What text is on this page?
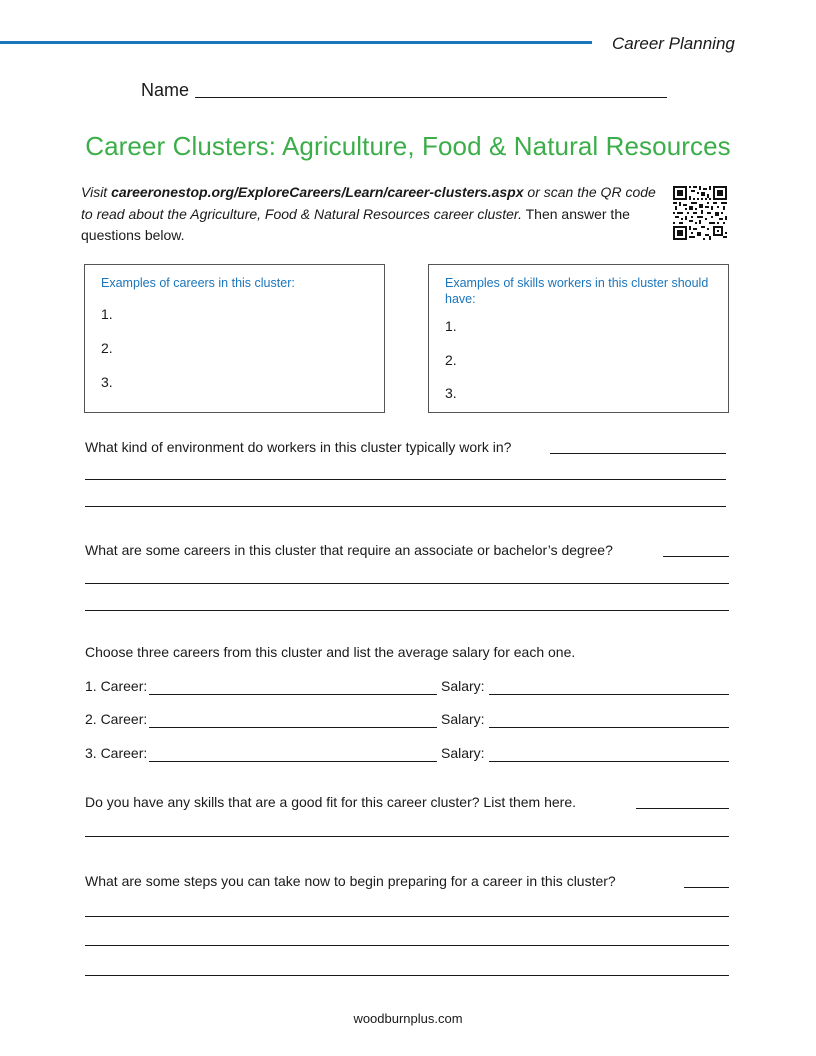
Career Planning
Name
Career Clusters: Agriculture, Food & Natural Resources
Visit careeronestop.org/ExploreCareers/Learn/career-clusters.aspx or scan the QR code to read about the Agriculture, Food & Natural Resources career cluster. Then answer the questions below.
Examples of careers in this cluster:
1.
2.
3.
Examples of skills workers in this cluster should have:
1.
2.
3.
What kind of environment do workers in this cluster typically work in?
What are some careers in this cluster that require an associate or bachelor’s degree?
Choose three careers from this cluster and list the average salary for each one.
1. Career:	Salary:
2. Career:	Salary:
3. Career:	Salary:
Do you have any skills that are a good fit for this career cluster? List them here.
What are some steps you can take now to begin preparing for a career in this cluster?
woodburnplus.com
